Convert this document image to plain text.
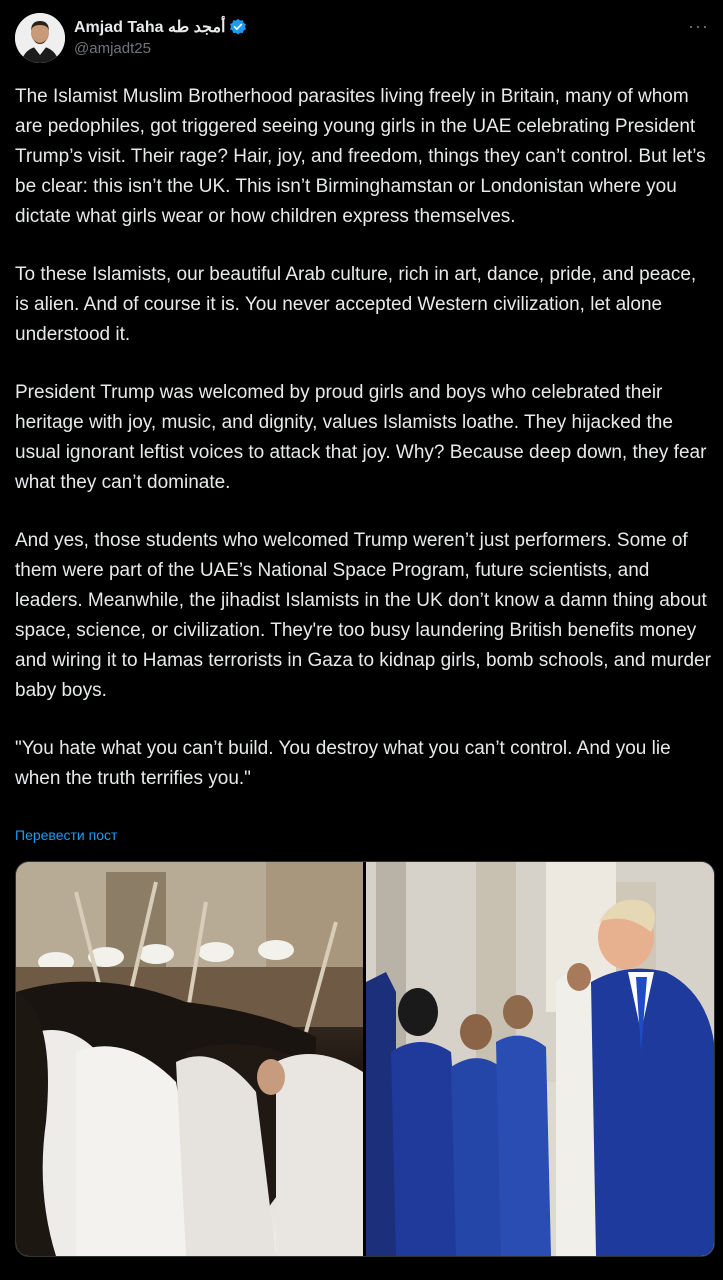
Amjad Taha أمجد طه
@amjadt25
···

The Islamist Muslim Brotherhood parasites living freely in Britain, many of whom are pedophiles, got triggered seeing young girls in the UAE celebrating President Trump’s visit. Their rage? Hair, joy, and freedom, things they can’t control. But let’s be clear: this isn’t the UK. This isn’t Birminghamstan or Londonistan where you dictate what girls wear or how children express themselves.

To these Islamists, our beautiful Arab culture, rich in art, dance, pride, and peace, is alien. And of course it is. You never accepted Western civilization, let alone understood it.

President Trump was welcomed by proud girls and boys who celebrated their heritage with joy, music, and dignity, values Islamists loathe. They hijacked the usual ignorant leftist voices to attack that joy. Why? Because deep down, they fear what they can’t dominate.

And yes, those students who welcomed Trump weren’t just performers. Some of them were part of the UAE’s National Space Program, future scientists, and leaders. Meanwhile, the jihadist Islamists in the UK don’t know a damn thing about space, science, or civilization. They're too busy laundering British benefits money and wiring it to Hamas terrorists in Gaza to kidnap girls, bomb schools, and murder baby boys.

"You hate what you can’t build. You destroy what you can’t control. And you lie when the truth terrifies you."

Перевести пост
